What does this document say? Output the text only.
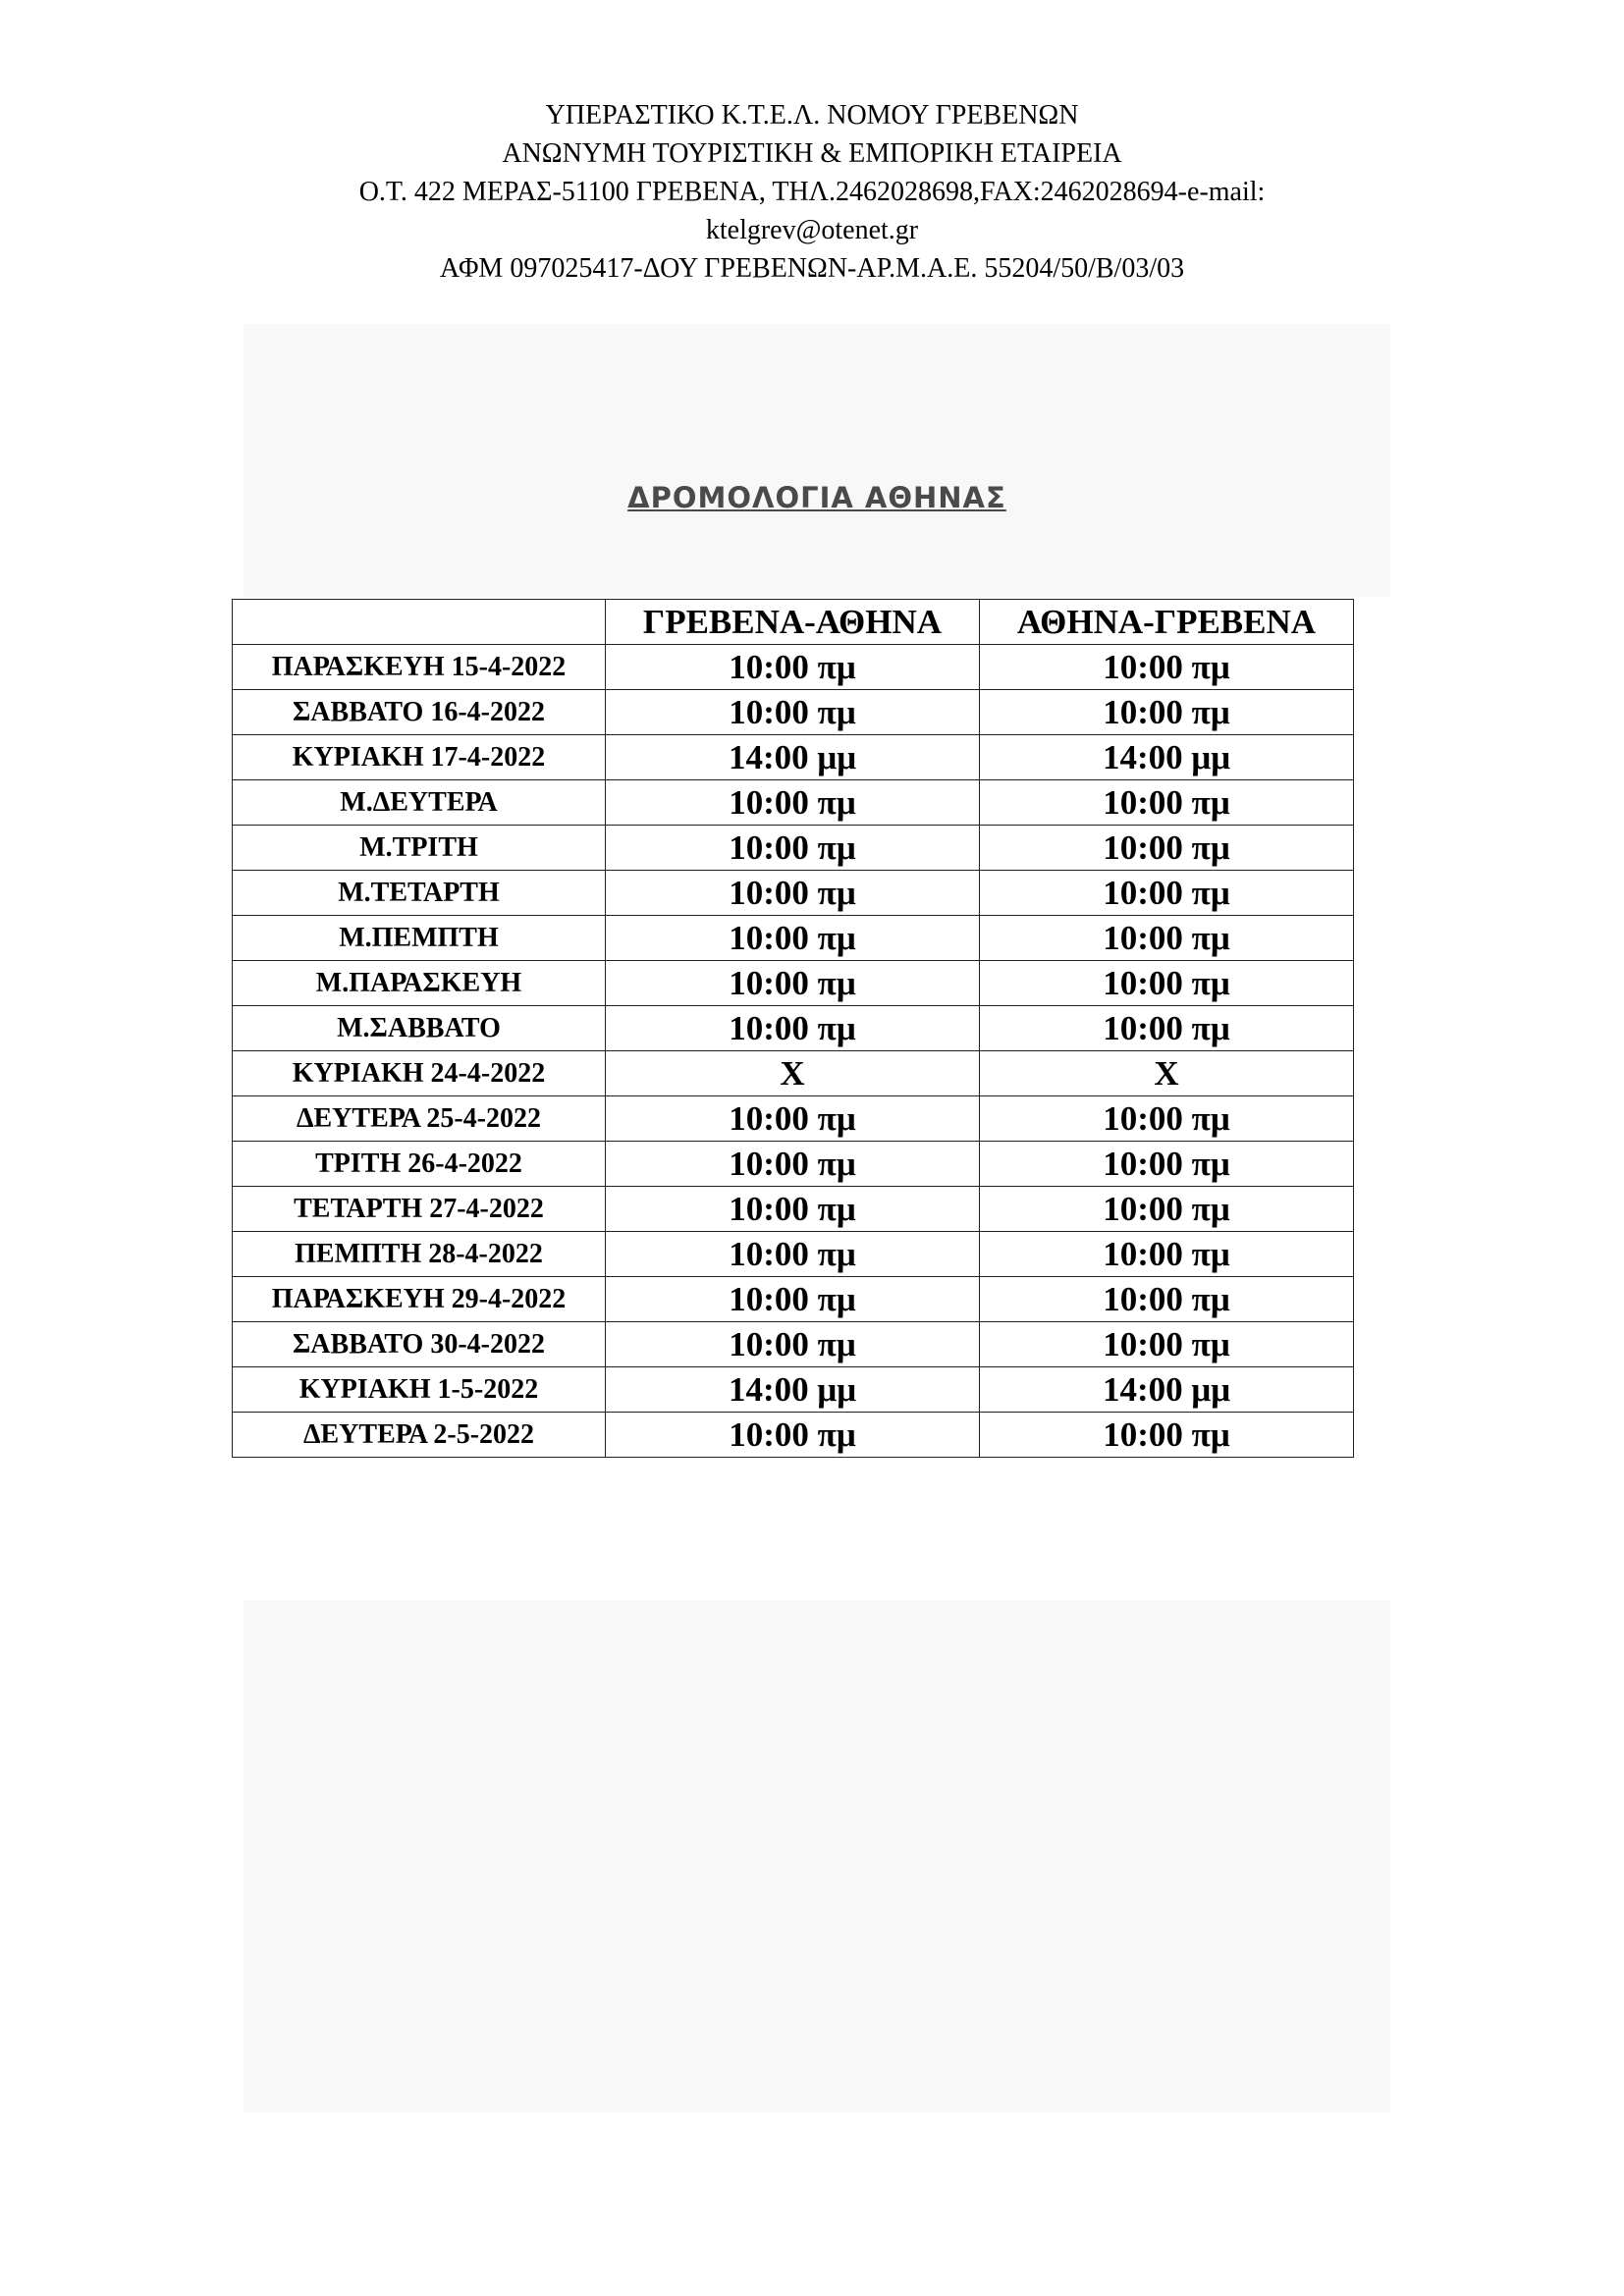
ΥΠΕΡΑΣΤΙΚΟ Κ.Τ.Ε.Λ. ΝΟΜΟΥ ΓΡΕΒΕΝΩΝ
ΑΝΩΝΥΜΗ ΤΟΥΡΙΣΤΙΚΗ & ΕΜΠΟΡΙΚΗ ΕΤΑΙΡΕΙΑ
Ο.Τ. 422 ΜΕΡΑΣ-51100 ΓΡΕΒΕΝΑ, ΤΗΛ.2462028698,FAX:2462028694-e-mail:
ktelgrev@otenet.gr
ΑΦΜ 097025417-ΔΟΥ ΓΡΕΒΕΝΩΝ-ΑΡ.Μ.Α.Ε. 55204/50/Β/03/03
ΔΡΟΜΟΛΟΓΙΑ ΑΘΗΝΑΣ
	ΓΡΕΒΕΝΑ-ΑΘΗΝΑ	ΑΘΗΝΑ-ΓΡΕΒΕΝΑ
ΠΑΡΑΣΚΕΥΗ 15-4-2022	10:00 πμ	10:00 πμ
ΣΑΒΒΑΤΟ 16-4-2022	10:00 πμ	10:00 πμ
ΚΥΡΙΑΚΗ 17-4-2022	14:00 μμ	14:00 μμ
Μ.ΔΕΥΤΕΡΑ	10:00 πμ	10:00 πμ
Μ.ΤΡΙΤΗ	10:00 πμ	10:00 πμ
Μ.ΤΕΤΑΡΤΗ	10:00 πμ	10:00 πμ
Μ.ΠΕΜΠΤΗ	10:00 πμ	10:00 πμ
Μ.ΠΑΡΑΣΚΕΥΗ	10:00 πμ	10:00 πμ
Μ.ΣΑΒΒΑΤΟ	10:00 πμ	10:00 πμ
ΚΥΡΙΑΚΗ 24-4-2022	Χ	Χ
ΔΕΥΤΕΡΑ 25-4-2022	10:00 πμ	10:00 πμ
ΤΡΙΤΗ 26-4-2022	10:00 πμ	10:00 πμ
ΤΕΤΑΡΤΗ 27-4-2022	10:00 πμ	10:00 πμ
ΠΕΜΠΤΗ 28-4-2022	10:00 πμ	10:00 πμ
ΠΑΡΑΣΚΕΥΗ 29-4-2022	10:00 πμ	10:00 πμ
ΣΑΒΒΑΤΟ 30-4-2022	10:00 πμ	10:00 πμ
ΚΥΡΙΑΚΗ 1-5-2022	14:00 μμ	14:00 μμ
ΔΕΥΤΕΡΑ 2-5-2022	10:00 πμ	10:00 πμ
